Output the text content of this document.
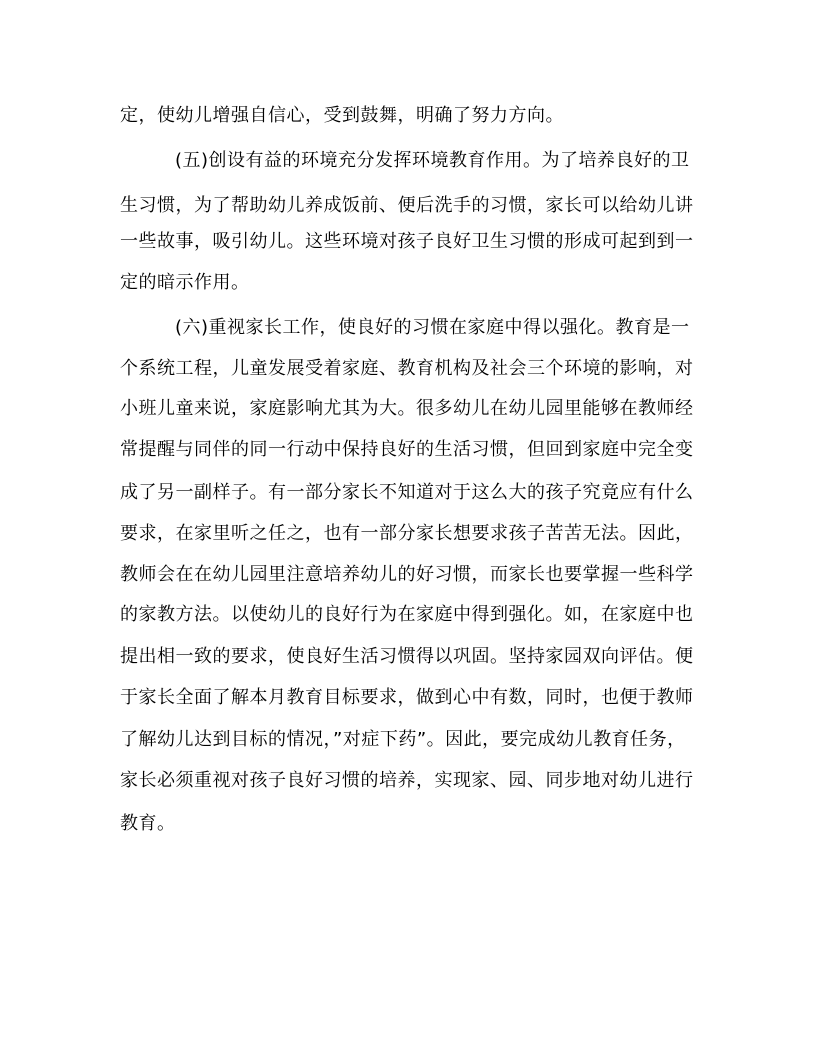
定，使幼儿增强自信心，受到鼓舞，明确了努力方向。
(五)创设有益的环境充分发挥环境教育作用。为了培养良好的卫
生习惯，为了帮助幼儿养成饭前、便后洗手的习惯，家长可以给幼儿讲
一些故事，吸引幼儿。这些环境对孩子良好卫生习惯的形成可起到到一
定的暗示作用。
(六)重视家长工作，使良好的习惯在家庭中得以强化。教育是一
个系统工程，儿童发展受着家庭、教育机构及社会三个环境的影响，对
小班儿童来说，家庭影响尤其为大。很多幼儿在幼儿园里能够在教师经
常提醒与同伴的同一行动中保持良好的生活习惯，但回到家庭中完全变
成了另一副样子。有一部分家长不知道对于这么大的孩子究竟应有什么
要求，在家里听之任之，也有一部分家长想要求孩子苦苦无法。因此，
教师会在在幼儿园里注意培养幼儿的好习惯，而家长也要掌握一些科学
的家教方法。以使幼儿的良好行为在家庭中得到强化。如，在家庭中也
提出相一致的要求，使良好生活习惯得以巩固。坚持家园双向评估。便
于家长全面了解本月教育目标要求，做到心中有数，同时，也便于教师
了解幼儿达到目标的情况，”对症下药”。因此，要完成幼儿教育任务，
家长必须重视对孩子良好习惯的培养，实现家、园、同步地对幼儿进行
教育。
